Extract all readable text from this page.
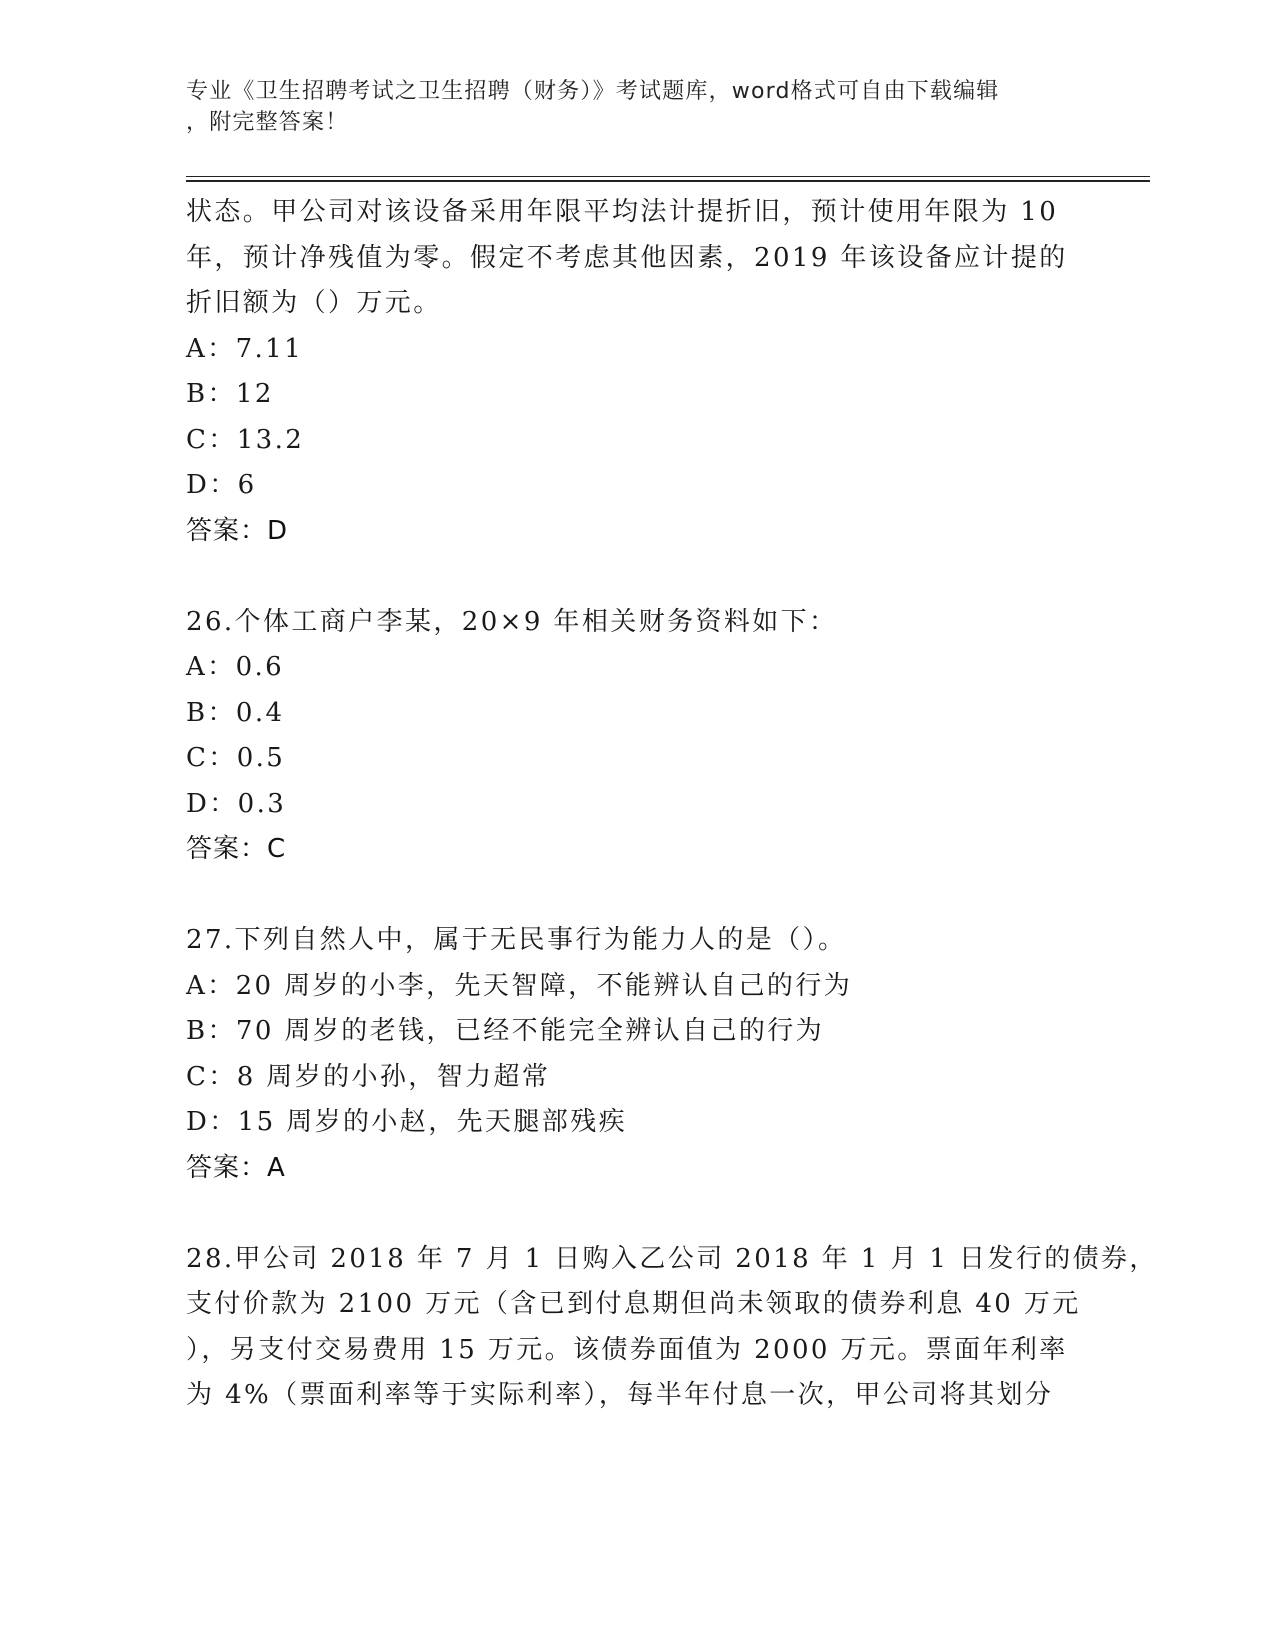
专业《卫生招聘考试之卫生招聘（财务）》考试题库，word格式可自由下载编辑
，附完整答案！
状态。甲公司对该设备采用年限平均法计提折旧，预计使用年限为 10
年，预计净残值为零。假定不考虑其他因素，2019 年该设备应计提的
折旧额为（）万元。
A：7.11
B：12
C：13.2
D：6
答案：D
26.个体工商户李某，20×9 年相关财务资料如下：
A：0.6
B：0.4
C：0.5
D：0.3
答案：C
27.下列自然人中，属于无民事行为能力人的是（）。
A：20 周岁的小李，先天智障，不能辨认自己的行为
B：70 周岁的老钱，已经不能完全辨认自己的行为
C：8 周岁的小孙，智力超常
D：15 周岁的小赵，先天腿部残疾
答案：A
28.甲公司 2018 年 7 月 1 日购入乙公司 2018 年 1 月 1 日发行的债券，
支付价款为 2100 万元（含已到付息期但尚未领取的债券利息 40 万元
），另支付交易费用 15 万元。该债券面值为 2000 万元。票面年利率
为 4%（票面利率等于实际利率），每半年付息一次，甲公司将其划分
